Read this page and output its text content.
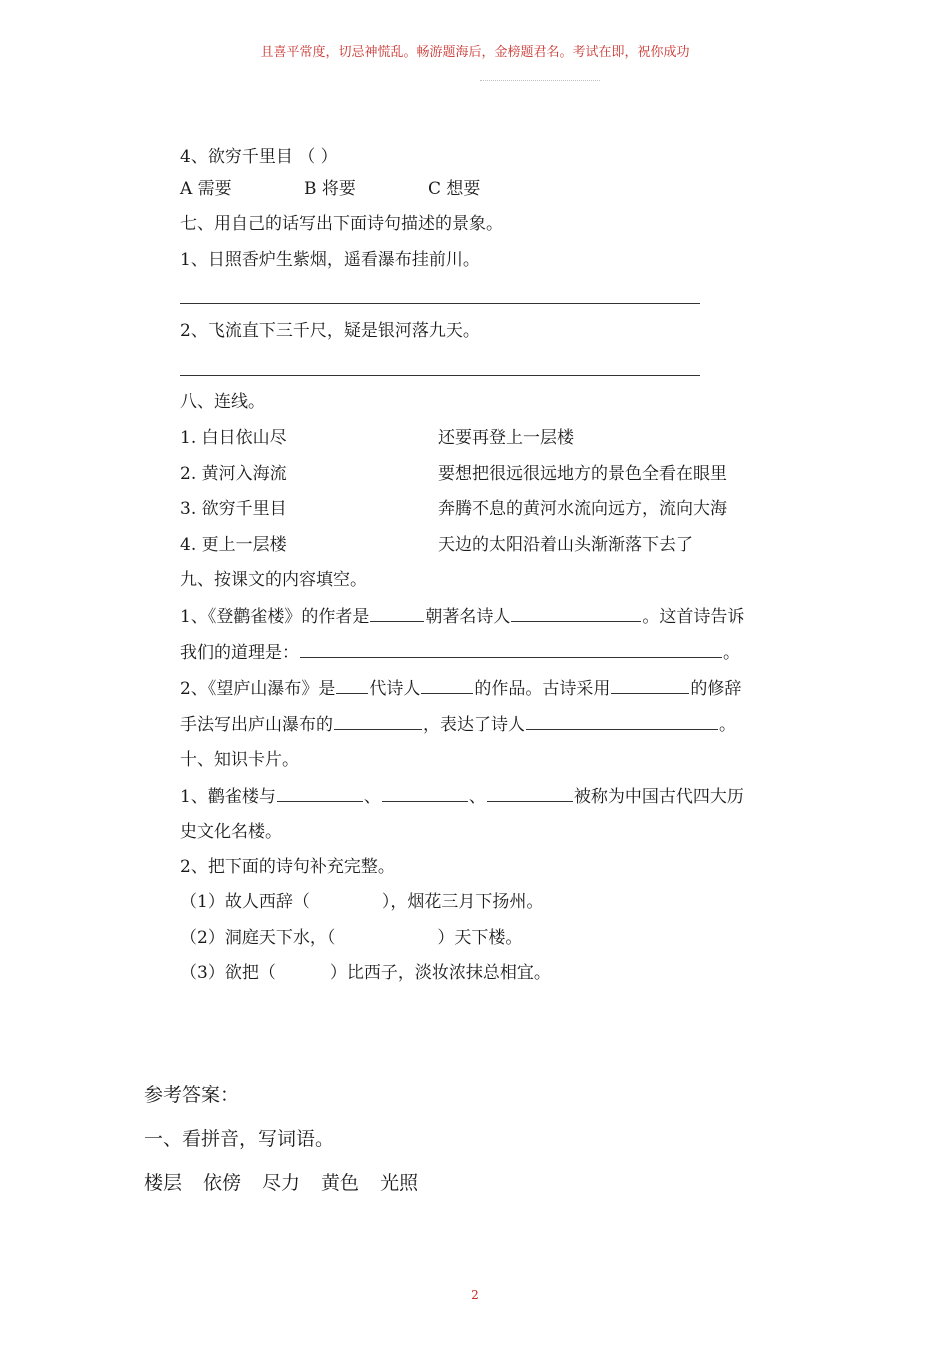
且喜平常度，切忌神慌乱。畅游题海后，金榜题君名。考试在即，祝你成功
4、欲穷千里目 （ ）
A 需要	B 将要	C 想要
七、用自己的话写出下面诗句描述的景象。
1、日照香炉生紫烟，遥看瀑布挂前川。
2、飞流直下三千尺，疑是银河落九天。
八、连线。
1. 白日依山尽	还要再登上一层楼
2. 黄河入海流	要想把很远很远地方的景色全看在眼里
3. 欲穷千里目	奔腾不息的黄河水流向远方，流向大海
4. 更上一层楼	天边的太阳沿着山头渐渐落下去了
九、按课文的内容填空。
1、《登鹳雀楼》的作者是	朝著名诗人	。这首诗告诉
我们的道理是：	。
2、《望庐山瀑布》是 代诗人	的作品。古诗采用	的修辞
手法写出庐山瀑布的	，表达了诗人	。
十、知识卡片。
1、鹳雀楼与	、	、	被称为中国古代四大历
史文化名楼。
2、把下面的诗句补充完整。
（1）故人西辞（	），烟花三月下扬州。
（2）洞庭天下水，（	）天下楼。
（3）欲把（	）比西子，淡妆浓抹总相宜。
参考答案：
一、看拼音，写词语。
楼层 依傍 尽力 黄色 光照
2
